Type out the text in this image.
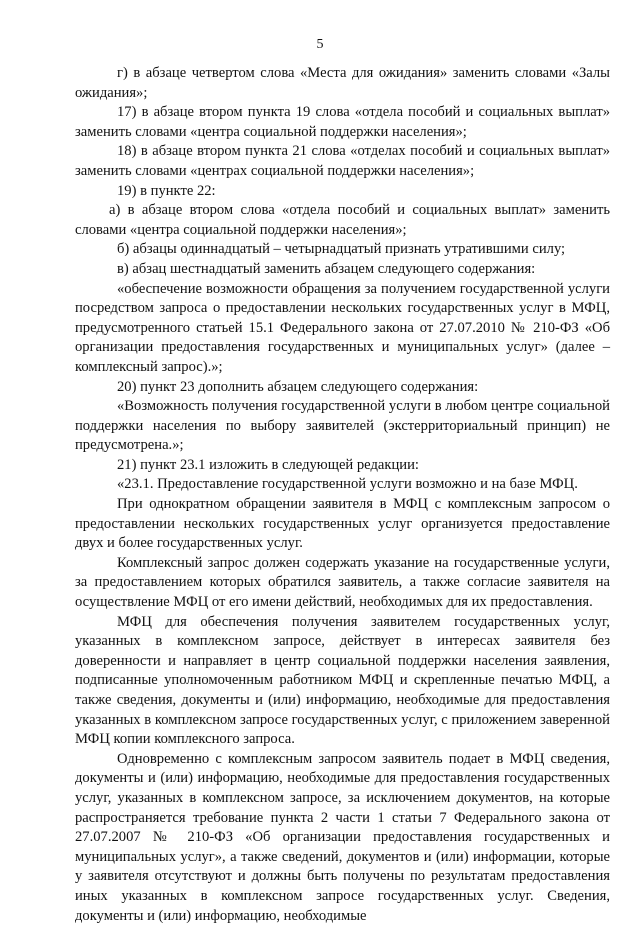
5

г) в абзаце четвертом слова «Места для ожидания» заменить словами «Залы ожидания»;

17) в абзаце втором пункта 19 слова «отдела пособий и социальных выплат» заменить словами «центра социальной поддержки населения»;

18) в абзаце втором пункта 21 слова «отделах пособий и социальных выплат» заменить словами «центрах социальной поддержки населения»;

19) в пункте 22:

а) в абзаце втором слова «отдела пособий и социальных выплат» заменить словами «центра социальной поддержки населения»;

б) абзацы одиннадцатый – четырнадцатый признать утратившими силу;

в) абзац шестнадцатый заменить абзацем следующего содержания:

«обеспечение возможности обращения за получением государственной услуги посредством запроса о предоставлении нескольких государственных услуг в МФЦ, предусмотренного статьей 15.1 Федерального закона от 27.07.2010 № 210-ФЗ «Об организации предоставления государственных и муниципальных услуг» (далее – комплексный запрос).»;

20) пункт 23 дополнить абзацем следующего содержания:

«Возможность получения государственной услуги в любом центре социальной поддержки населения по выбору заявителей (экстерриториальный принцип) не предусмотрена.»;

21) пункт 23.1 изложить в следующей редакции:

«23.1. Предоставление государственной услуги возможно и на базе МФЦ.

При однократном обращении заявителя в МФЦ с комплексным запросом о предоставлении нескольких государственных услуг организуется предоставление двух и более государственных услуг.

Комплексный запрос должен содержать указание на государственные услуги, за предоставлением которых обратился заявитель, а также согласие заявителя на осуществление МФЦ от его имени действий, необходимых для их предоставления.

МФЦ для обеспечения получения заявителем государственных услуг, указанных в комплексном запросе, действует в интересах заявителя без доверенности и направляет в центр социальной поддержки населения заявления, подписанные уполномоченным работником МФЦ и скрепленные печатью МФЦ, а также сведения, документы и (или) информацию, необходимые для предоставления указанных в комплексном запросе государственных услуг, с приложением заверенной МФЦ копии комплексного запроса.

Одновременно с комплексным запросом заявитель подает в МФЦ сведения, документы и (или) информацию, необходимые для предоставления государственных услуг, указанных в комплексном запросе, за исключением документов, на которые распространяется требование пункта 2 части 1 статьи 7 Федерального закона от 27.07.2007 № 210-ФЗ «Об организации предоставления государственных и муниципальных услуг», а также сведений, документов и (или) информации, которые у заявителя отсутствуют и должны быть получены по результатам предоставления иных указанных в комплексном запросе государственных услуг. Сведения, документы и (или) информацию, необходимые
